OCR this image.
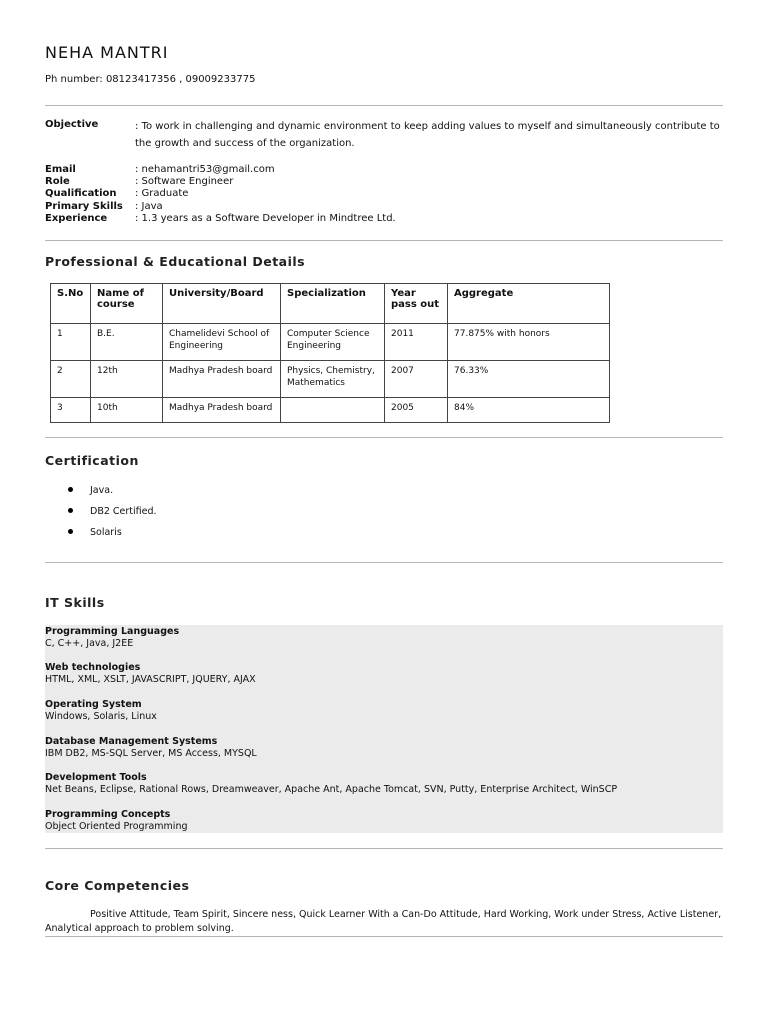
NEHA MANTRI
Ph number: 08123417356 , 09009233775
Objective	: To work in challenging and dynamic environment to keep adding values to myself and simultaneously contribute to the growth and success of the organization.
Email	: nehamantri53@gmail.com
Role	: Software Engineer
Qualification : Graduate
Primary Skills : Java
Experience	: 1.3 years as a Software Developer in Mindtree Ltd.
Professional & Educational Details
S.No	Name of course	University/Board	Specialization	Year pass out	Aggregate
1	B.E.	Chamelidevi School of Engineering	Computer Science Engineering	2011	77.875% with honors
2	12th	Madhya Pradesh board	Physics, Chemistry, Mathematics	2007	76.33%
3	10th	Madhya Pradesh board		2005	84%
Certification
Java.
DB2 Certified.
Solaris
IT Skills
Programming Languages
C, C++, Java, J2EE
Web technologies
HTML, XML, XSLT, JAVASCRIPT, JQUERY, AJAX
Operating System
Windows, Solaris, Linux
Database Management Systems
IBM DB2, MS-SQL Server, MS Access, MYSQL
Development Tools
Net Beans, Eclipse, Rational Rows, Dreamweaver, Apache Ant, Apache Tomcat, SVN, Putty, Enterprise Architect, WinSCP
Programming Concepts
Object Oriented Programming
Core Competencies
Positive Attitude, Team Spirit, Sincere ness, Quick Learner With a Can-Do Attitude, Hard Working, Work under Stress, Active Listener, Analytical approach to problem solving.
